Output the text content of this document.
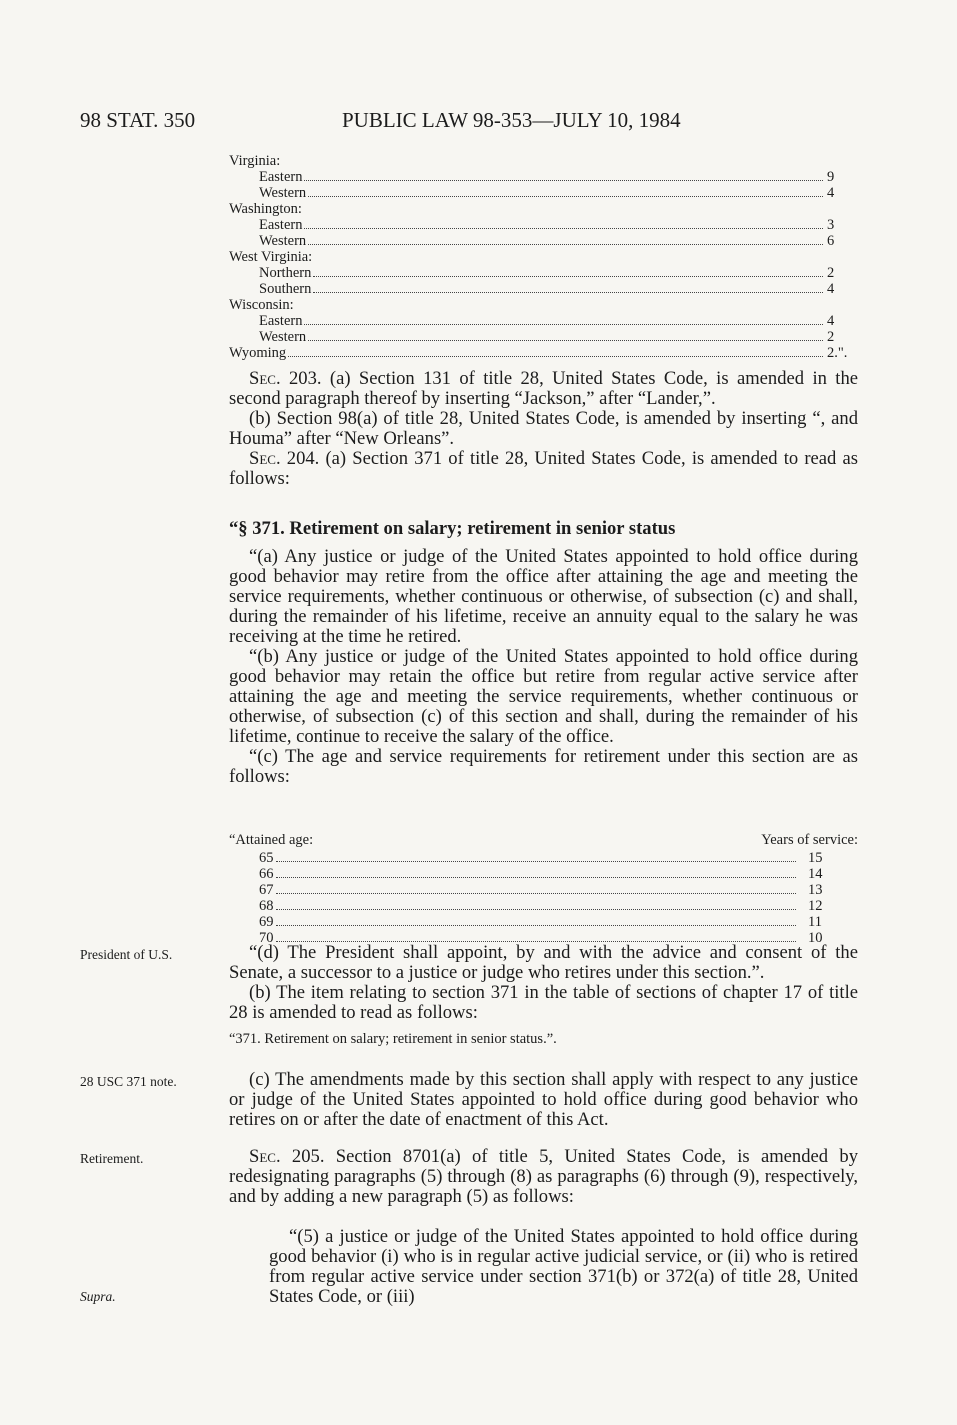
98 STAT. 350	PUBLIC LAW 98-353—JULY 10, 1984
Virginia:
Eastern	9
Western	4
Washington:
Eastern	3
Western	6
West Virginia:
Northern	2
Southern	4
Wisconsin:
Eastern	4
Western	2
Wyoming	2.".

Sec. 203. (a) Section 131 of title 28, United States Code, is amended in the second paragraph thereof by inserting “Jackson,” after “Lander,”.

(b) Section 98(a) of title 28, United States Code, is amended by inserting “, and Houma” after “New Orleans”.

Sec. 204. (a) Section 371 of title 28, United States Code, is amended to read as follows:

“§ 371. Retirement on salary; retirement in senior status

“(a) Any justice or judge of the United States appointed to hold office during good behavior may retire from the office after attaining the age and meeting the service requirements, whether continuous or otherwise, of subsection (c) and shall, during the remainder of his lifetime, receive an annuity equal to the salary he was receiving at the time he retired.

“(b) Any justice or judge of the United States appointed to hold office during good behavior may retain the office but retire from regular active service after attaining the age and meeting the service requirements, whether continuous or otherwise, of subsection (c) of this section and shall, during the remainder of his lifetime, continue to receive the salary of the office.

“(c) The age and service requirements for retirement under this section are as follows:

“Attained age:	Years of service:
65	15
66	14
67	13
68	12
69	11
70	10
President of U.S.	“(d) The President shall appoint, by and with the advice and consent of the Senate, a successor to a justice or judge who retires under this section.”.

(b) The item relating to section 371 in the table of sections of chapter 17 of title 28 is amended to read as follows:

“371. Retirement on salary; retirement in senior status.”.

28 USC 371 note.	(c) The amendments made by this section shall apply with respect to any justice or judge of the United States appointed to hold office during good behavior who retires on or after the date of enactment of this Act.

Retirement.	Sec. 205. Section 8701(a) of title 5, United States Code, is amended by redesignating paragraphs (5) through (8) as paragraphs (6) through (9), respectively, and by adding a new paragraph (5) as follows:

“(5) a justice or judge of the United States appointed to hold office during good behavior (i) who is in regular active judicial service, or (ii) who is retired from regular active service under section 371(b) or 372(a) of title 28, United States Code, or (iii)

Supra.
